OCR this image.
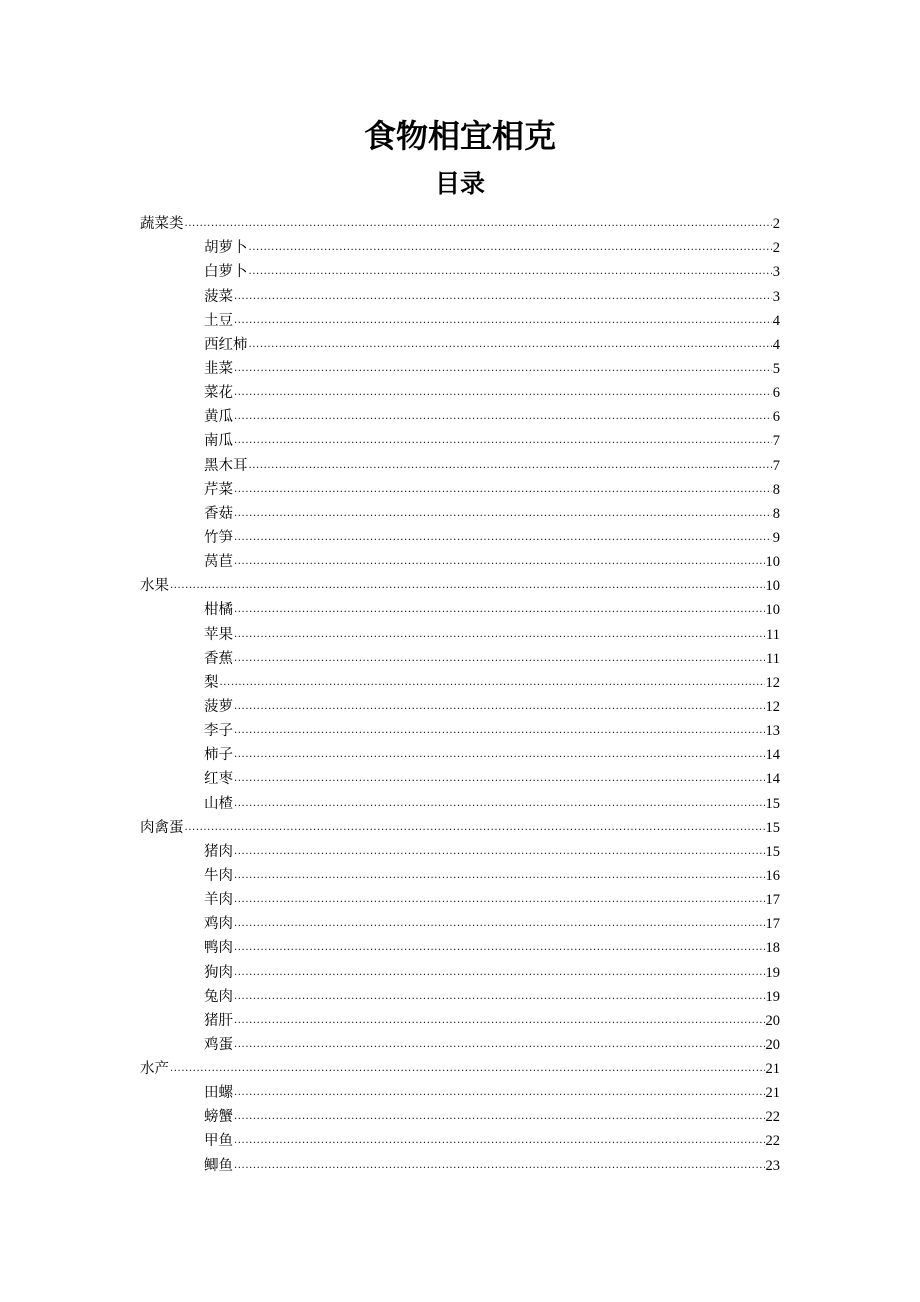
食物相宜相克
目录
蔬菜类 .....	2
胡萝卜 .....	2
白萝卜 .....	3
菠菜 .....	3
土豆 .....	4
西红柿 .....	4
韭菜 .....	5
菜花 .....	6
黄瓜 .....	6
南瓜 .....	7
黑木耳 .....	7
芹菜 .....	8
香菇 .....	8
竹笋 .....	9
莴苣 .....	10
水果 .....	10
柑橘 .....	10
苹果 .....	11
香蕉 .....	11
梨 .....	12
菠萝 .....	12
李子 .....	13
柿子 .....	14
红枣 .....	14
山楂 .....	15
肉禽蛋 .....	15
猪肉 .....	15
牛肉 .....	16
羊肉 .....	17
鸡肉 .....	17
鸭肉 .....	18
狗肉 .....	19
兔肉 .....	19
猪肝 .....	20
鸡蛋 .....	20
水产 .....	21
田螺 .....	21
螃蟹 .....	22
甲鱼 .....	22
鲫鱼 .....	23
